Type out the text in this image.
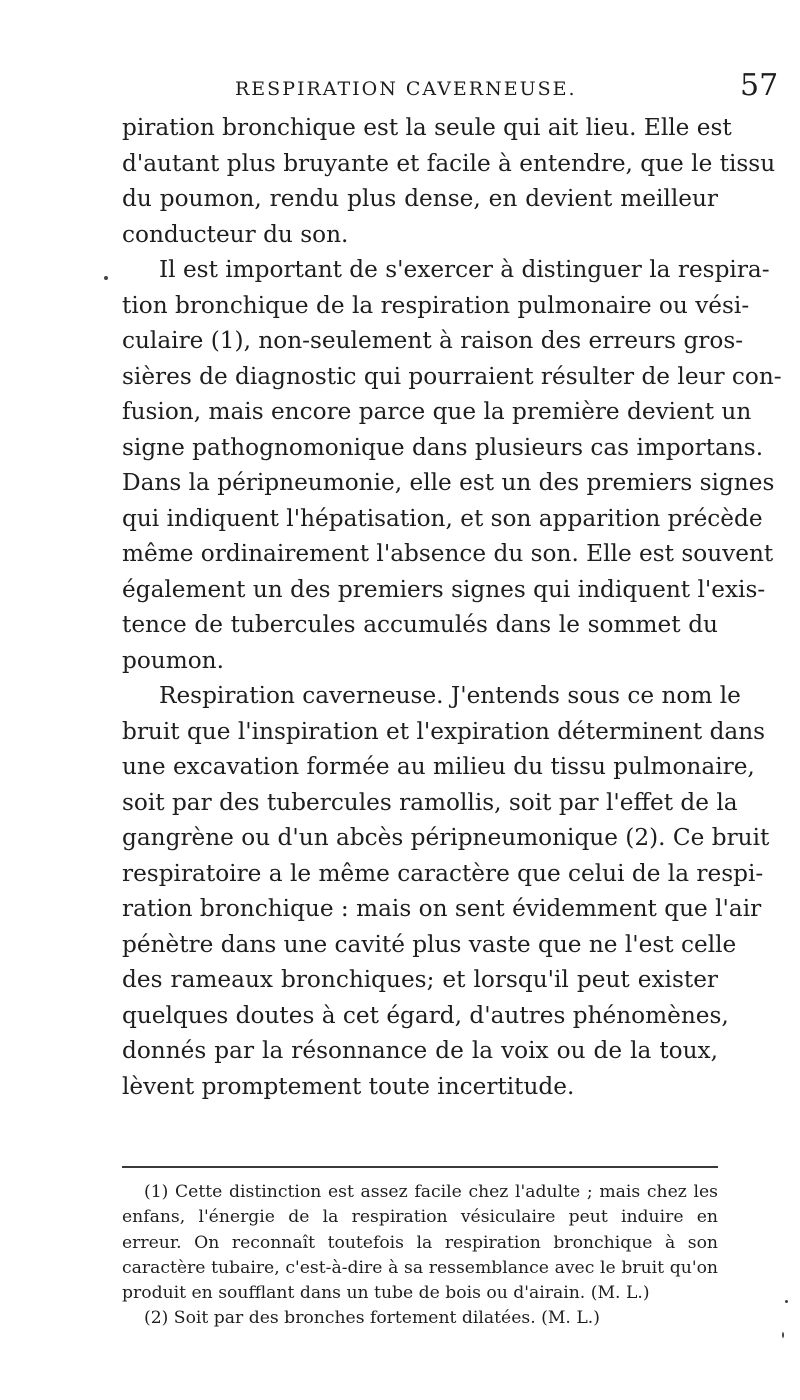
RESPIRATION CAVERNEUSE.	57

piration bronchique est la seule qui ait lieu. Elle est
d'autant plus bruyante et facile à entendre, que le tissu
du poumon, rendu plus dense, en devient meilleur
conducteur du son.

Il est important de s'exercer à distinguer la respira-
tion bronchique de la respiration pulmonaire ou vési-
culaire (1), non-seulement à raison des erreurs gros-
sières de diagnostic qui pourraient résulter de leur con-
fusion, mais encore parce que la première devient un
signe pathognomonique dans plusieurs cas importans.
Dans la péripneumonie, elle est un des premiers signes
qui indiquent l'hépatisation, et son apparition précède
même ordinairement l'absence du son. Elle est souvent
également un des premiers signes qui indiquent l'exis-
tence de tubercules accumulés dans le sommet du
poumon.

Respiration caverneuse. J'entends sous ce nom le
bruit que l'inspiration et l'expiration déterminent dans
une excavation formée au milieu du tissu pulmonaire,
soit par des tubercules ramollis, soit par l'effet de la
gangrène ou d'un abcès péripneumonique (2). Ce bruit
respiratoire a le même caractère que celui de la respi-
ration bronchique : mais on sent évidemment que l'air
pénètre dans une cavité plus vaste que ne l'est celle
des rameaux bronchiques; et lorsqu'il peut exister
quelques doutes à cet égard, d'autres phénomènes,
donnés par la résonnance de la voix ou de la toux,
lèvent promptement toute incertitude.

(1) Cette distinction est assez facile chez l'adulte ; mais chez les
enfans, l'énergie de la respiration vésiculaire peut induire en
erreur. On reconnaît toutefois la respiration bronchique à son
caractère tubaire, c'est-à-dire à sa ressemblance avec le bruit qu'on
produit en soufflant dans un tube de bois ou d'airain. (M. L.)

(2) Soit par des bronches fortement dilatées. (M. L.)
